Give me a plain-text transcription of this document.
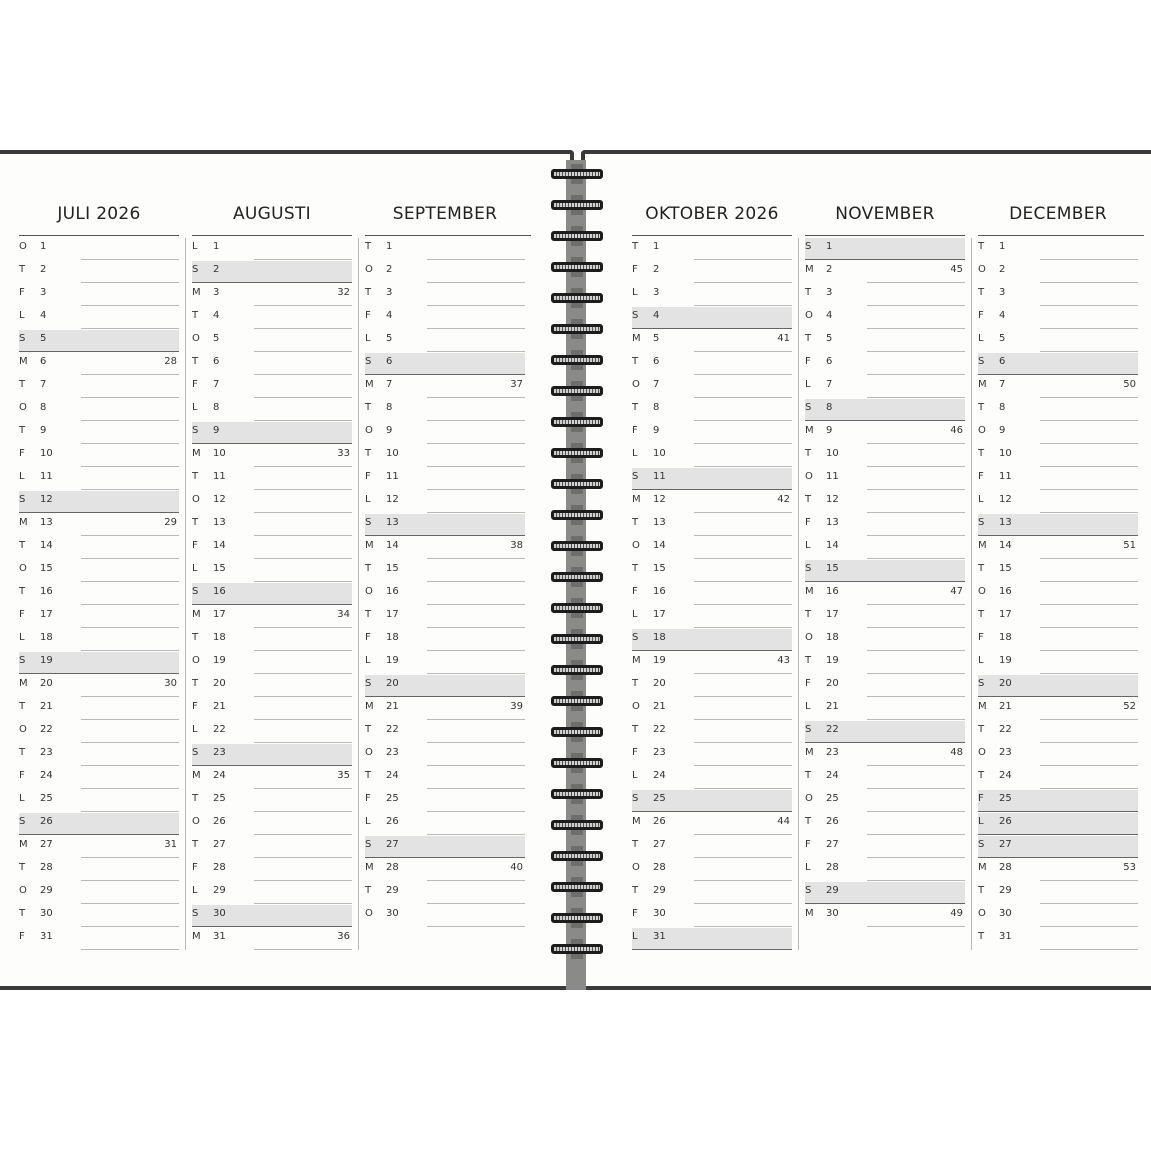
JULI 2026
O	1
T	2
F	3
L	4
S	5
M	6	28
T	7
O	8
T	9
F	10
L	11
S	12
M	13	29
T	14
O	15
T	16
F	17
L	18
S	19
M	20	30
T	21
O	22
T	23
F	24
L	25
S	26
M	27	31
T	28
O	29
T	30
F	31
AUGUSTI
L	1
S	2
M	3	32
T	4
O	5
T	6
F	7
L	8
S	9
M	10	33
T	11
O	12
T	13
F	14
L	15
S	16
M	17	34
T	18
O	19
T	20
F	21
L	22
S	23
M	24	35
T	25
O	26
T	27
F	28
L	29
S	30
M	31	36
SEPTEMBER
T	1
O	2
T	3
F	4
L	5
S	6
M	7	37
T	8
O	9
T	10
F	11
L	12
S	13
M	14	38
T	15
O	16
T	17
F	18
L	19
S	20
M	21	39
T	22
O	23
T	24
F	25
L	26
S	27
M	28	40
T	29
O	30
OKTOBER 2026
T	1
F	2
L	3
S	4
M	5	41
T	6
O	7
T	8
F	9
L	10
S	11
M	12	42
T	13
O	14
T	15
F	16
L	17
S	18
M	19	43
T	20
O	21
T	22
F	23
L	24
S	25
M	26	44
T	27
O	28
T	29
F	30
L	31
NOVEMBER
S	1
M	2	45
T	3
O	4
T	5
F	6
L	7
S	8
M	9	46
T	10
O	11
T	12
F	13
L	14
S	15
M	16	47
T	17
O	18
T	19
F	20
L	21
S	22
M	23	48
T	24
O	25
T	26
F	27
L	28
S	29
M	30	49
DECEMBER
T	1
O	2
T	3
F	4
L	5
S	6
M	7	50
T	8
O	9
T	10
F	11
L	12
S	13
M	14	51
T	15
O	16
T	17
F	18
L	19
S	20
M	21	52
T	22
O	23
T	24
F	25
L	26
S	27
M	28	53
T	29
O	30
T	31
